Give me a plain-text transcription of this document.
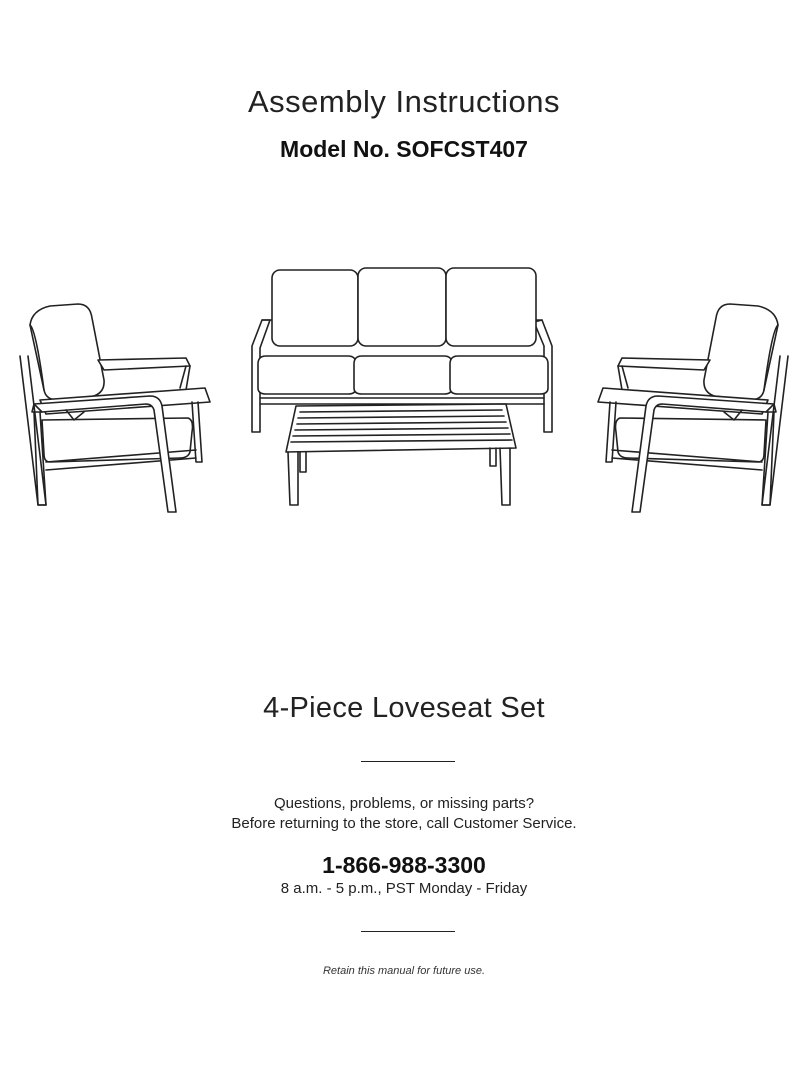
Assembly Instructions
Model No. SOFCST407
4-Piece Loveseat Set
Questions, problems, or missing parts?
Before returning to the store, call Customer Service.
1-866-988-3300
8 a.m. - 5 p.m., PST Monday - Friday
Retain this manual for future use.
